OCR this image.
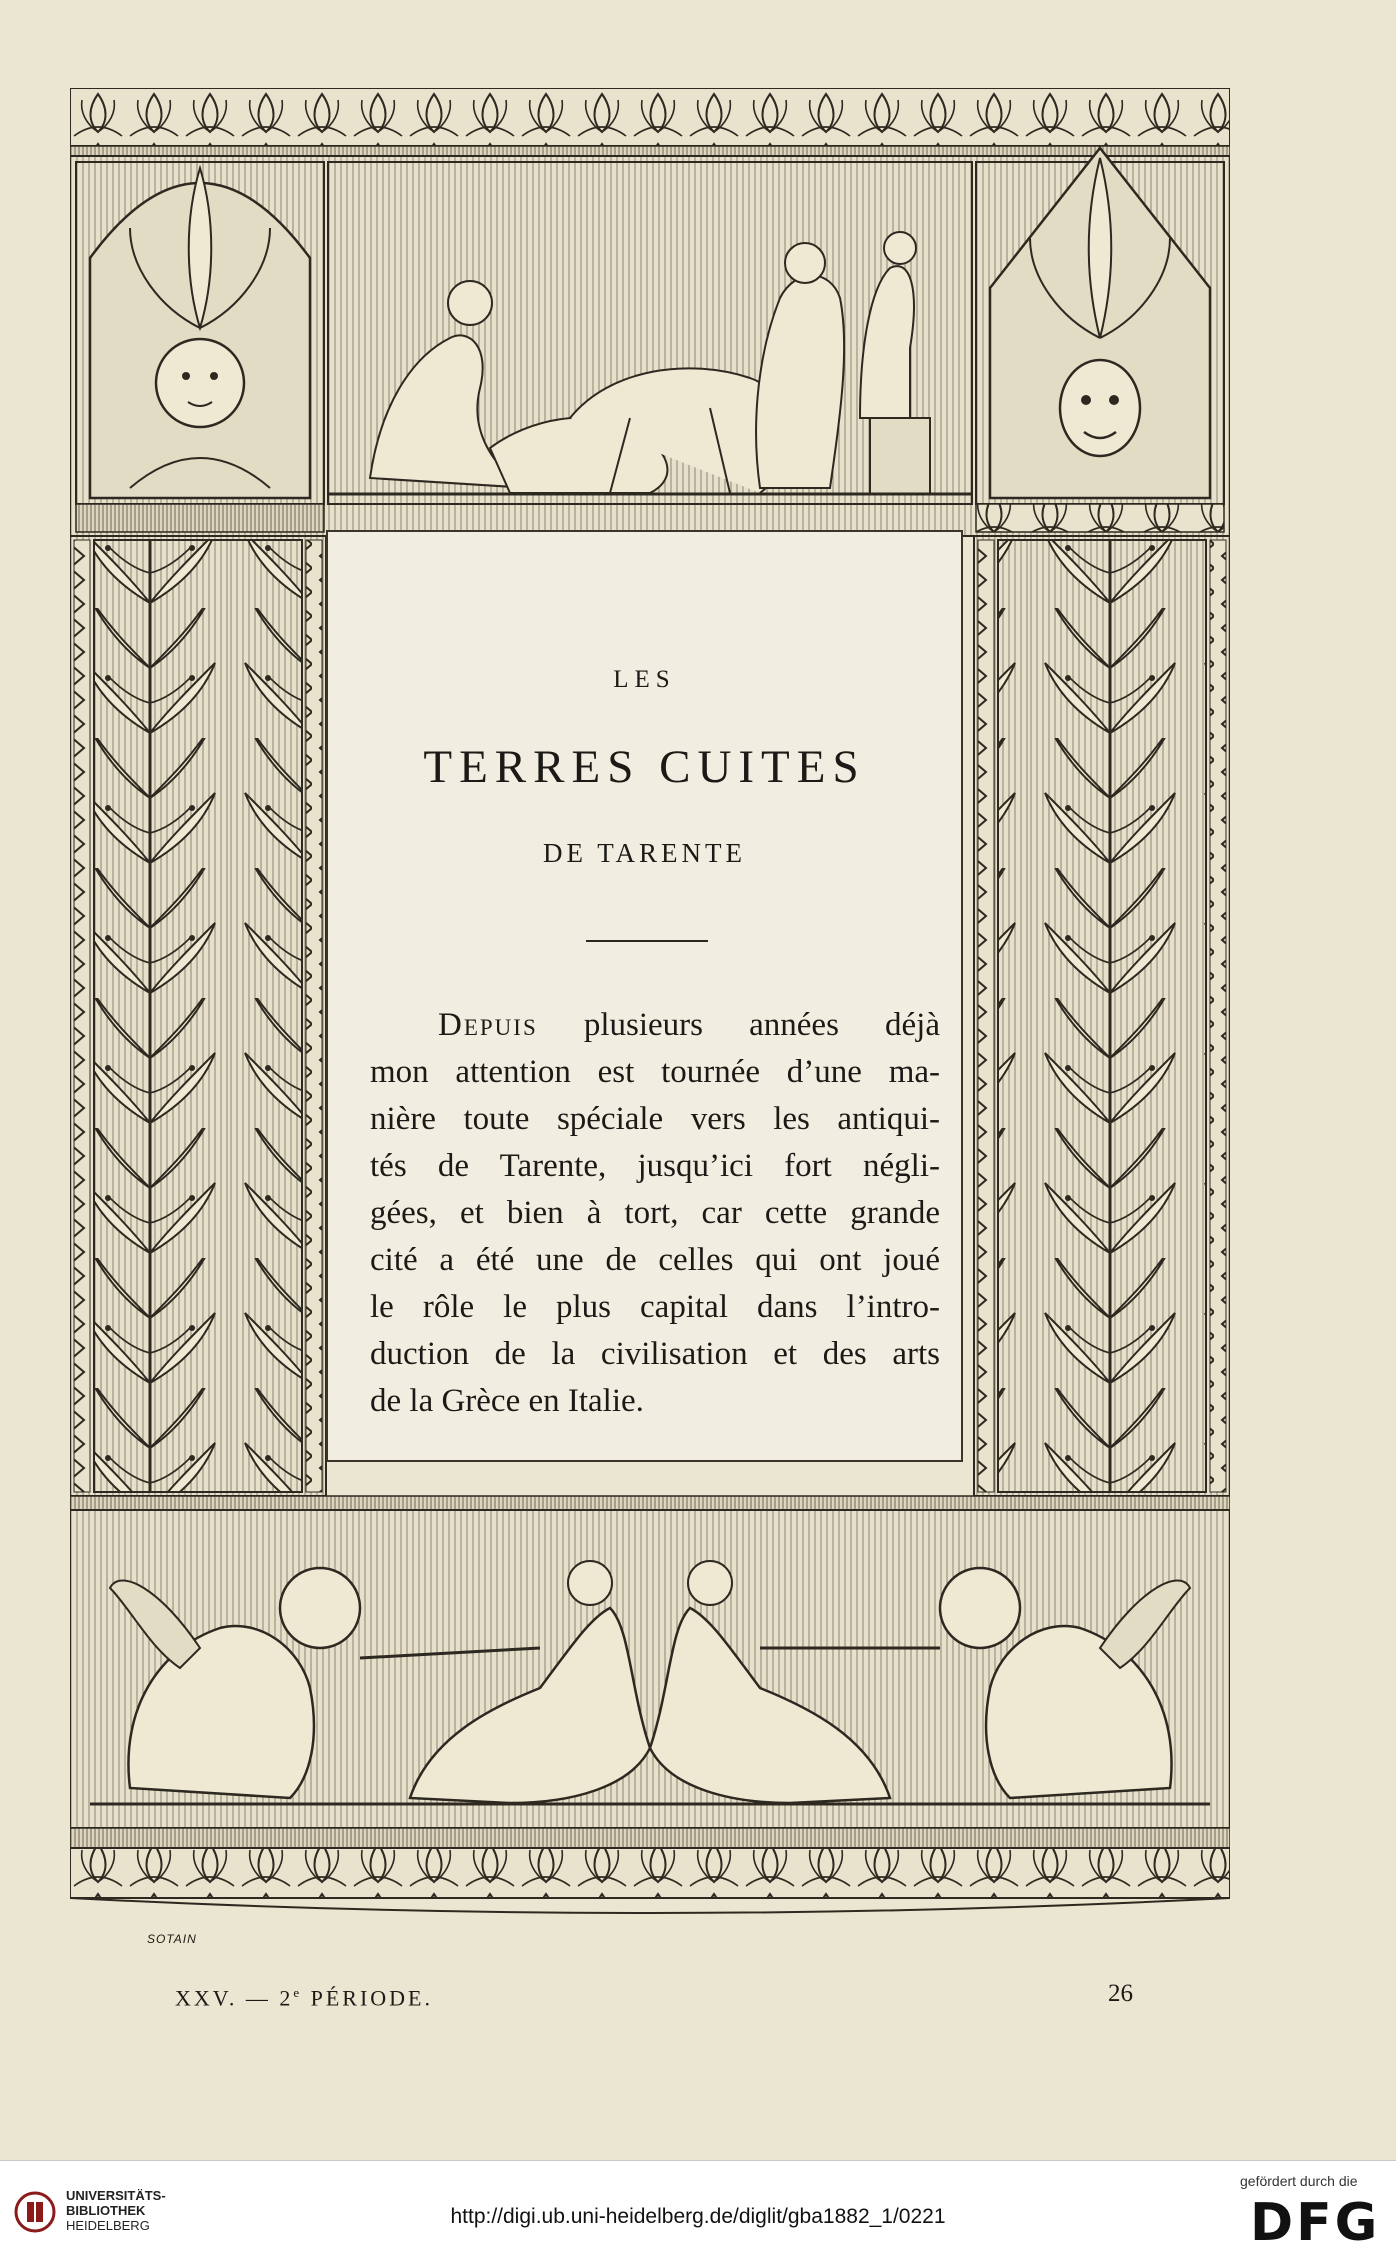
LES
TERRES CUITES
DE TARENTE
Depuis plusieurs années déjà
mon attention est tournée d’une ma-
nière toute spéciale vers les antiqui-
tés de Tarente, jusqu’ici fort négli-
gées, et bien à tort, car cette grande
cité a été une de celles qui ont joué
le rôle le plus capital dans l’intro-
duction de la civilisation et des arts
de la Grèce en Italie.
SOTAIN
XXV. — 2e PÉRIODE.	26
UNIVERSITÄTS-
BIBLIOTHEK
HEIDELBERG	http://digi.ub.uni-heidelberg.de/diglit/gba1882_1/0221
gefördert durch die
DFG
